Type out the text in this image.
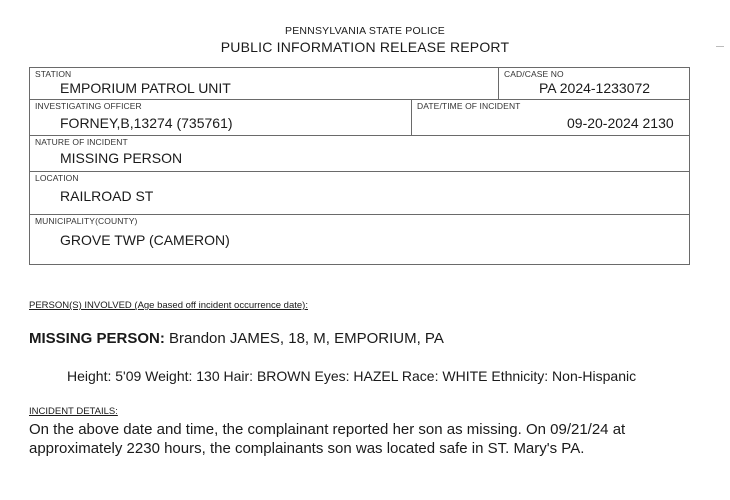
PENNSYLVANIA STATE POLICE
PUBLIC INFORMATION RELEASE REPORT
STATION
EMPORIUM PATROL UNIT
CAD/CASE NO
PA 2024-1233072
INVESTIGATING OFFICER
FORNEY,B,13274 (735761)
DATE/TIME OF INCIDENT
09-20-2024 2130
NATURE OF INCIDENT
MISSING PERSON
LOCATION
RAILROAD ST
MUNICIPALITY(COUNTY)
GROVE TWP (CAMERON)
PERSON(S) INVOLVED (Age based off incident occurrence date):
MISSING PERSON: Brandon JAMES, 18, M, EMPORIUM, PA
Height: 5'09 Weight: 130 Hair: BROWN Eyes: HAZEL Race: WHITE Ethnicity: Non-Hispanic
INCIDENT DETAILS:
On the above date and time, the complainant reported her son as missing. On 09/21/24 at approximately 2230 hours, the complainants son was located safe in ST. Mary's PA.
